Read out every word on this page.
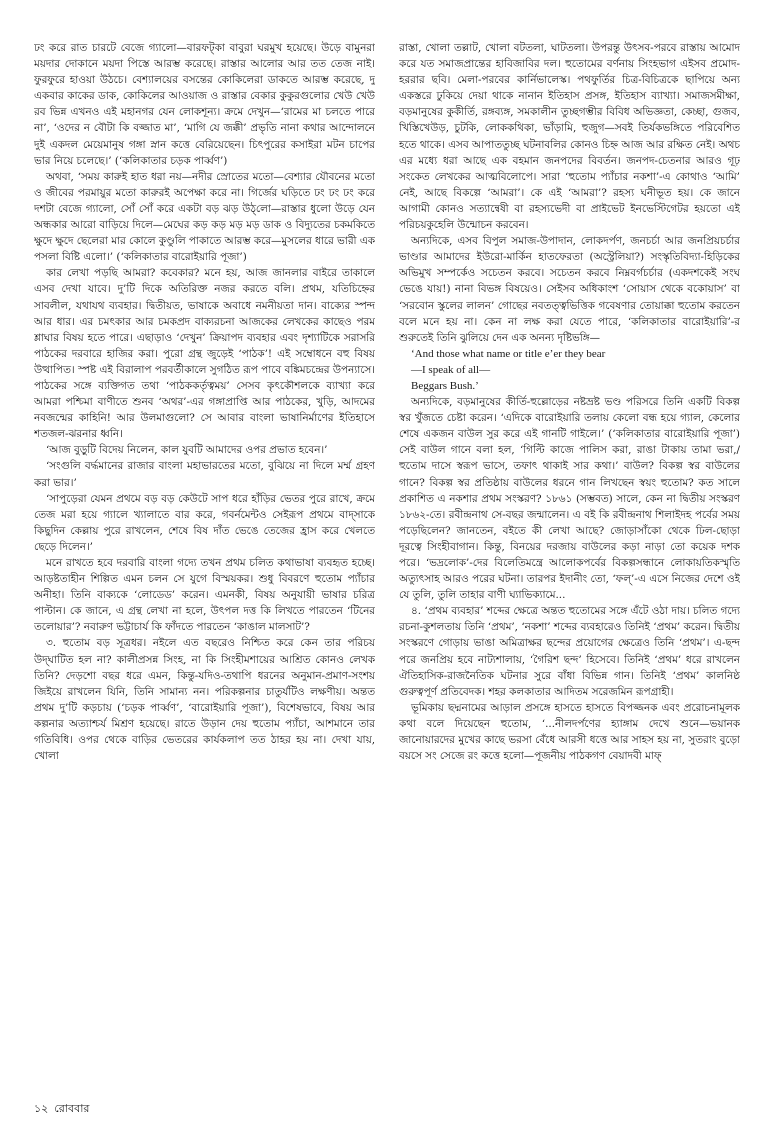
ঢং করে রাত চারটে বেজে গ্যালো—বারফট্কা বাবুরা ঘরমুখ হয়েছে। উড়ে বামুনরা ময়দার দোকানে ময়দা পিস্তে আরম্ভ করেছে। রাস্তার আলোর আর তত তেজ নাই। ফুরফুরে হাওয়া উঠচে। বেশ্যালয়ের বসন্তের কোকিলেরা ডাকতে আরম্ভ করেছে, দু একবার কাকের ডাক, কোকিলের আওয়াজ ও রাস্তার বেকার কুকুরগুলোর খেউ খেউ রব ভিন্ন এখনও এই মহানগর যেন লোকশূন্য। ক্রমে দেখুন—‘রামের মা চলতে পারে না’, ‘ওদের ন বৌটা কি বজ্জাত মা’, ‘মাগি যে জক্কী’ প্রভৃতি নানা কথার আন্দোলনে দুই একদল মেয়েমানুষ গঙ্গা স্নান কত্তে বেরিয়েছেন। চিৎপুরের কসাইরা মটন চাপের ভার নিয়ে চলেছে।’ (‘কলিকাতার চড়ক পার্ব্বণ’)

অথবা, ‘সময় কারুই হাত ধরা নয়—নদীর স্রোতের মতো—বেশ্যার যৌবনের মতো ও জীবের পরমায়ুর মতো কারুরই অপেক্ষা করে না। গির্জের ঘড়িতে ঢং ঢং ঢং করে দশটা বেজে গ্যালো, সোঁ সোঁ করে একটা বড় ঝড় উঠ্‌লো—রাস্তার ধুলো উড়ে যেন অন্ধকার আরো বাড়িয়ে দিলে—মেঘের কড় কড় মড় মড় ডাক ও বিদ্যুতের চকমকিতে ক্ষুদে ক্ষুদে ছেলেরা মার কোলে কুণ্ডুলি পাকাতে আরম্ভ করে—মুসলের ধারে ভারী এক পসলা বিষ্টি এলো।’ (‘কলিকাতার বারোইয়ারি পূজা’)

কার লেখা পড়ছি আমরা? কবেকার? মনে হয়, আজ জানলার বাইরে তাকালে এসব দেখা যাবে। দু’টি দিকে অতিরিক্ত নজর করতে বলি। প্রথম, যতিচিহ্নের সাবলীল, যথাযথ ব্যবহার। দ্বিতীয়ত, ভাষাকে অবাধে নমনীয়তা দান। বাক্যের স্পন্দ আর ধার। এর চমৎকার আর চমকপ্রদ বাক্যরচনা আজকের লেখকের কাছেও পরম শ্লাঘার বিষয় হতে পারে। এছাড়াও ‘দেখুন’ ক্রিয়াপদ ব্যবহার এবং দৃশ্যাটিকে সরাসরি পাঠকের দরবারে হাজির করা। পুরো গ্রন্থ জুড়েই ‘পাঠক’! এই সম্বোধনে বহু বিষয় উত্থাপিত। স্পষ্ট এই বিরালাপ পরবর্তীকালে সুগঠিত রূপ পাবে বঙ্কিমচন্দ্রের উপন্যাসে। পাঠকের সঙ্গে ব্যক্তিগত তথা ‘পাঠককর্তৃত্বময়’ সেসব কৃৎকৌশলকে ব্যাখ্যা করে আমরা পশ্চিমা বাণীতে শুনব ‘অথর’-এর গঙ্গাপ্রাপ্তি আর পাঠকের, খুড়ি, আদমের নবজন্মের কাহিনি! আর উলমাগুলো? সে আবার বাংলা ভাষানির্মাণের ইতিহাসে শতজল-ঝরনার ধ্বনি।

‘আজ বুড়ুটি বিদেয় নিলেন, কাল যুবটি আমাদের ওপর প্রভাত হবেন।’

‘সংগুলি বর্দ্ধমানের রাজার বাংলা মহাভারতের মতো, বুঝিয়ে না দিলে মর্ম্ম গ্রহণ করা ভার।’

‘সাপুড়েরা যেমন প্রথমে বড় বড় কেউটে সাপ ধরে হাঁড়ির ভেতর পুরে রাখে, ক্রমে তেজ মরা হয়ে গ্যালে খ্যালাতে বার করে, গবর্নমেন্টও সেইরূপ প্রথমে বাদ্সাকে কিছুদিন কেল্লায় পুরে রাখলেন, শেষে বিষ দাঁত ভেঙে তেজের হ্রাস করে খেলতে ছেড়ে দিলেন।’

মনে রাখতে হবে দরবারি বাংলা গদ্যে তখন প্রথম চলিত কথাভাষা ব্যবহৃত হচ্ছে। আড়ষ্টতাহীন শিল্পিত এমন চলন সে যুগে বিস্ময়কর। শুধু বিবরণে হুতোম প্যাঁচার অনীহা। তিনি বাক্যকে ‘লোডেড’ করেন। এমনকী, বিষয় অনুযায়ী ভাষার চরিত্র পাল্টান। কে জানে, এ গ্রন্থ লেখা না হলে, উৎপল দত্ত কি লিখতে পারতেন ‘টিনের তলোয়ার’? নবারুণ ভট্টাচার্য কি ফাঁদতে পারতেন ‘কাঙাল মালসাট’?

৩. হুতোম বড় সূত্রধর। নইলে এত বছরেও নিশ্চিত করে কেন তার পরিচয় উদ্‌ঘাটিত হল না? কালীপ্রসন্ন সিংহ, না কি সিংহীমশায়ের আশ্রিত কোনও লেখক তিনি? দেড়শো বছর ধরে এমন, কিন্তু-যদিও-তথাপি ধরনের অনুমান-প্রমাণ-সংশয় জিইয়ে রাখলেন যিনি, তিনি সামান্য নন। পরিকল্পনার চাতুর্যটিও লক্ষণীয়। অন্তত প্রথম দু’টি কড়চায় (‘চড়ক পার্ব্বণ’, ‘বারোইয়ারি পূজা’), বিশেষভাবে, বিষয় আর কল্পনার অত্যাশ্চর্য মিশ্রণ হয়েছে। রাতে উড়ান দেয় হুতোম প্যাঁচা, আশমানে তার গতিবিধি। ওপর থেকে বাড়ির ভেতরের কার্যকলাপ তত ঠাহর হয় না। দেখা যায়, খোলা

রাস্তা, খোলা তল্লাট, খোলা বটতলা, ঘাটতলা। উপরন্তু উৎসব-পরবে রাস্তায় আমোদ করে যত সমাজপ্রান্তের হাবিজাবির দল। হুতোমের বর্ণনায় সিংহভাগ এইসব প্রমোদ-হররার ছবি। মেলা-পরবের কার্নিভালেস্ক। পথফুর্তির চিত্র-বিচিত্রকে ছাপিয়ে অন্য একস্তরে ঢুকিয়ে দেয়া থাকে নানান ইতিহাস প্রসঙ্গ, ইতিহাস ব্যাখ্যা। সমাজসমীক্ষা, বড়মানুষের কুকীর্তি, রঙ্গব্যঙ্গ, সমকালীন তুচ্ছগম্ভীর বিবিধ অভিজ্ঞতা, কেচ্ছা, গুজব, খিস্তিখেউড়, চুটকি, লোককথিকা, ভাঁড়ামি, হুজুগ—সবই তির্যকভঙ্গিতে পরিবেশিত হতে থাকে। এসব আপাততুচ্ছ ঘটনাবলির কোনও চিহ্ন আজ আর রক্ষিত নেই। অথচ এর মধ্যে ধরা আছে এক বহমান জনপদের বিবর্তন। জনপদ-চেতনার আরও গূঢ় সংকেত লেখকের আত্মবিলোপে। সারা ‘হুতোম প্যাঁচার নকশা’-এ কোথাও ‘আমি’ নেই, আছে বিকল্পে ‘আমরা’। কে এই ‘আমরা’? রহস্য ঘনীভূত হয়। কে জানে আগামী কোনও সত্যান্বেষী বা রহস্যভেদী বা প্রাইভেট ইনভেস্টিগেটর হয়তো এই পরিচয়কুহেলি উন্মোচন করবেন।

অন্যদিকে, এসব বিপুল সমাজ-উপাদান, লোকদর্পণ, জনচর্চা আর জনপ্রিয়চর্চার ভাণ্ডার আমাদের ইউরো-মার্কিন হাতফেরতা (অস্ট্রেলিয়া?) সংস্কৃতিবিদ্যা-হিড়িকের অভিমুখ সম্পর্কেও সচেতন করবে। সচেতন করবে নিম্নবর্গচর্চার (একদশকেই সংঘ ভেঙে যায়!) নানা বিভঙ্গ বিষয়েও। সেইসব অধিকাংশ ‘সোয়াস থেকে বকোয়াস’ বা ‘সরবোন স্কুলের লালন’ গোছের নবতত্ত্বভিত্তিক গবেষণার তোয়াক্কা হুতোম করতেন বলে মনে হয় না। কেন না লক্ষ করা যেতে পারে, ‘কলিকাতার বারোইয়ারি’-র শুরুতেই তিনি ঝুলিয়ে দেন এক অনন্য দৃষ্টিভঙ্গি—

‘And those what name or title e’er they bear

—I speak of all—

Beggars Bush.’

অন্যদিকে, বড়মানুষের কীর্তি-হুল্লোড়ের নষ্টভ্রষ্ট ভণ্ড পরিসরে তিনি একটি বিকল্প স্বর খুঁজতে চেষ্টা করেন। ‘এদিকে বারোইয়ারি তলায় কেলো বন্ধ হয়ে গ্যাল, কেলোর শেষে একজন বাউল সুর করে এই গানটি গাইলে।’ (‘কলিকাতার বারোইয়ারি পূজা’) সেই বাউল গানে বলা হল, ‘গিল্টি কাজে পালিস করা, রাঙা টাকায় তামা ভরা,/হুতোম দাসে স্বরূপ ভাসে, তফাৎ থাকাই সার কথা।’ বাউল? বিকল্প স্বর বাউলের গানে? বিকল্প স্বর প্রতিষ্ঠায় বাউলের ধরনে গান লিখছেন স্বয়ং হুতোম? কত সালে প্রকাশিত এ নকশার প্রথম সংস্করণ? ১৮৬১ (সম্ভবত) সালে, কেন না দ্বিতীয় সংস্করণ ১৮৬২-তে। রবীন্দ্রনাথ সে-বছর জন্মালেন। এ বই কি রবীন্দ্রনাথ শিলাইদহ পর্বের সময় পড়েছিলেন? জানতেন, বইতে কী লেখা আছে? জোড়াসাঁকো থেকে ঢিল-ছোড়া দূরত্বে সিংহীবাগান। কিন্তু, বিনয়ের দরজায় বাউলের কড়া নাড়া তো কয়েক দশক পরে। ‘ভদ্রলোক’-দের বিলেতিমন্ত্রে আলোকপর্বের বিকল্পসন্ধানে লোকায়তিকস্মৃতি অত্যুৎসাহ আরও পরের ঘটনা। তারপর ইদানীং তো, ‘ফল্’-এ এসে নিজের দেশে ওই যে তুলি, তুলি তাহার বাণী ঘ্যাভিক্যামে...

৪. ‘প্রথম ব্যবহার’ শব্দের ক্ষেত্রে অন্তত হুতোমের সঙ্গে এঁটে ওঠা দায়। চলিত গদ্যে রচনা-কুশলতায় তিনি ‘প্রথম’, ‘নকশা’ শব্দের ব্যবহারেও তিনিই ‘প্রথম’ করেন। দ্বিতীয় সংস্করণে গোড়ায় ভাঙা অমিত্রাক্ষর ছন্দের প্রয়োগের ক্ষেত্রেও তিনি ‘প্রথম’। এ-ছন্দ পরে জনপ্রিয় হবে নাট্যশালায়, ‘গৈরিশ ছন্দ’ হিসেবে। তিনিই ‘প্রথম’ ধরে রাখলেন ঐতিহাসিক-রাজনৈতিক ঘটনার সুরে বাঁধা বিভিন্ন গান। তিনিই ‘প্রথম’ কালনিষ্ঠ গুরুত্বপূর্ণ প্রতিবেদক। শহর কলকাতার আদিতম সরেজমিন রূপগ্রাহী।

ভূমিকায় ছদ্মনামের আড়াল প্রসঙ্গে হাসতে হাসতে বিপজ্জনক এবং প্ররোচনামূলক কথা বলে দিয়েছেন হুতোম, ‘...নীলদর্পণের হ্যাঙ্গাম দেখে শুনে—ভয়ানক জানোয়ারদের মুখের কাছে ভরসা বেঁধে আরসী ধত্তে আর সাহস হয় না, সুতরাং বুড়ো বয়সে সং সেজে রং কত্তে হলো—পূজনীয় পাঠকগণ বেয়াদবী মাফ্

১২ রোববার
